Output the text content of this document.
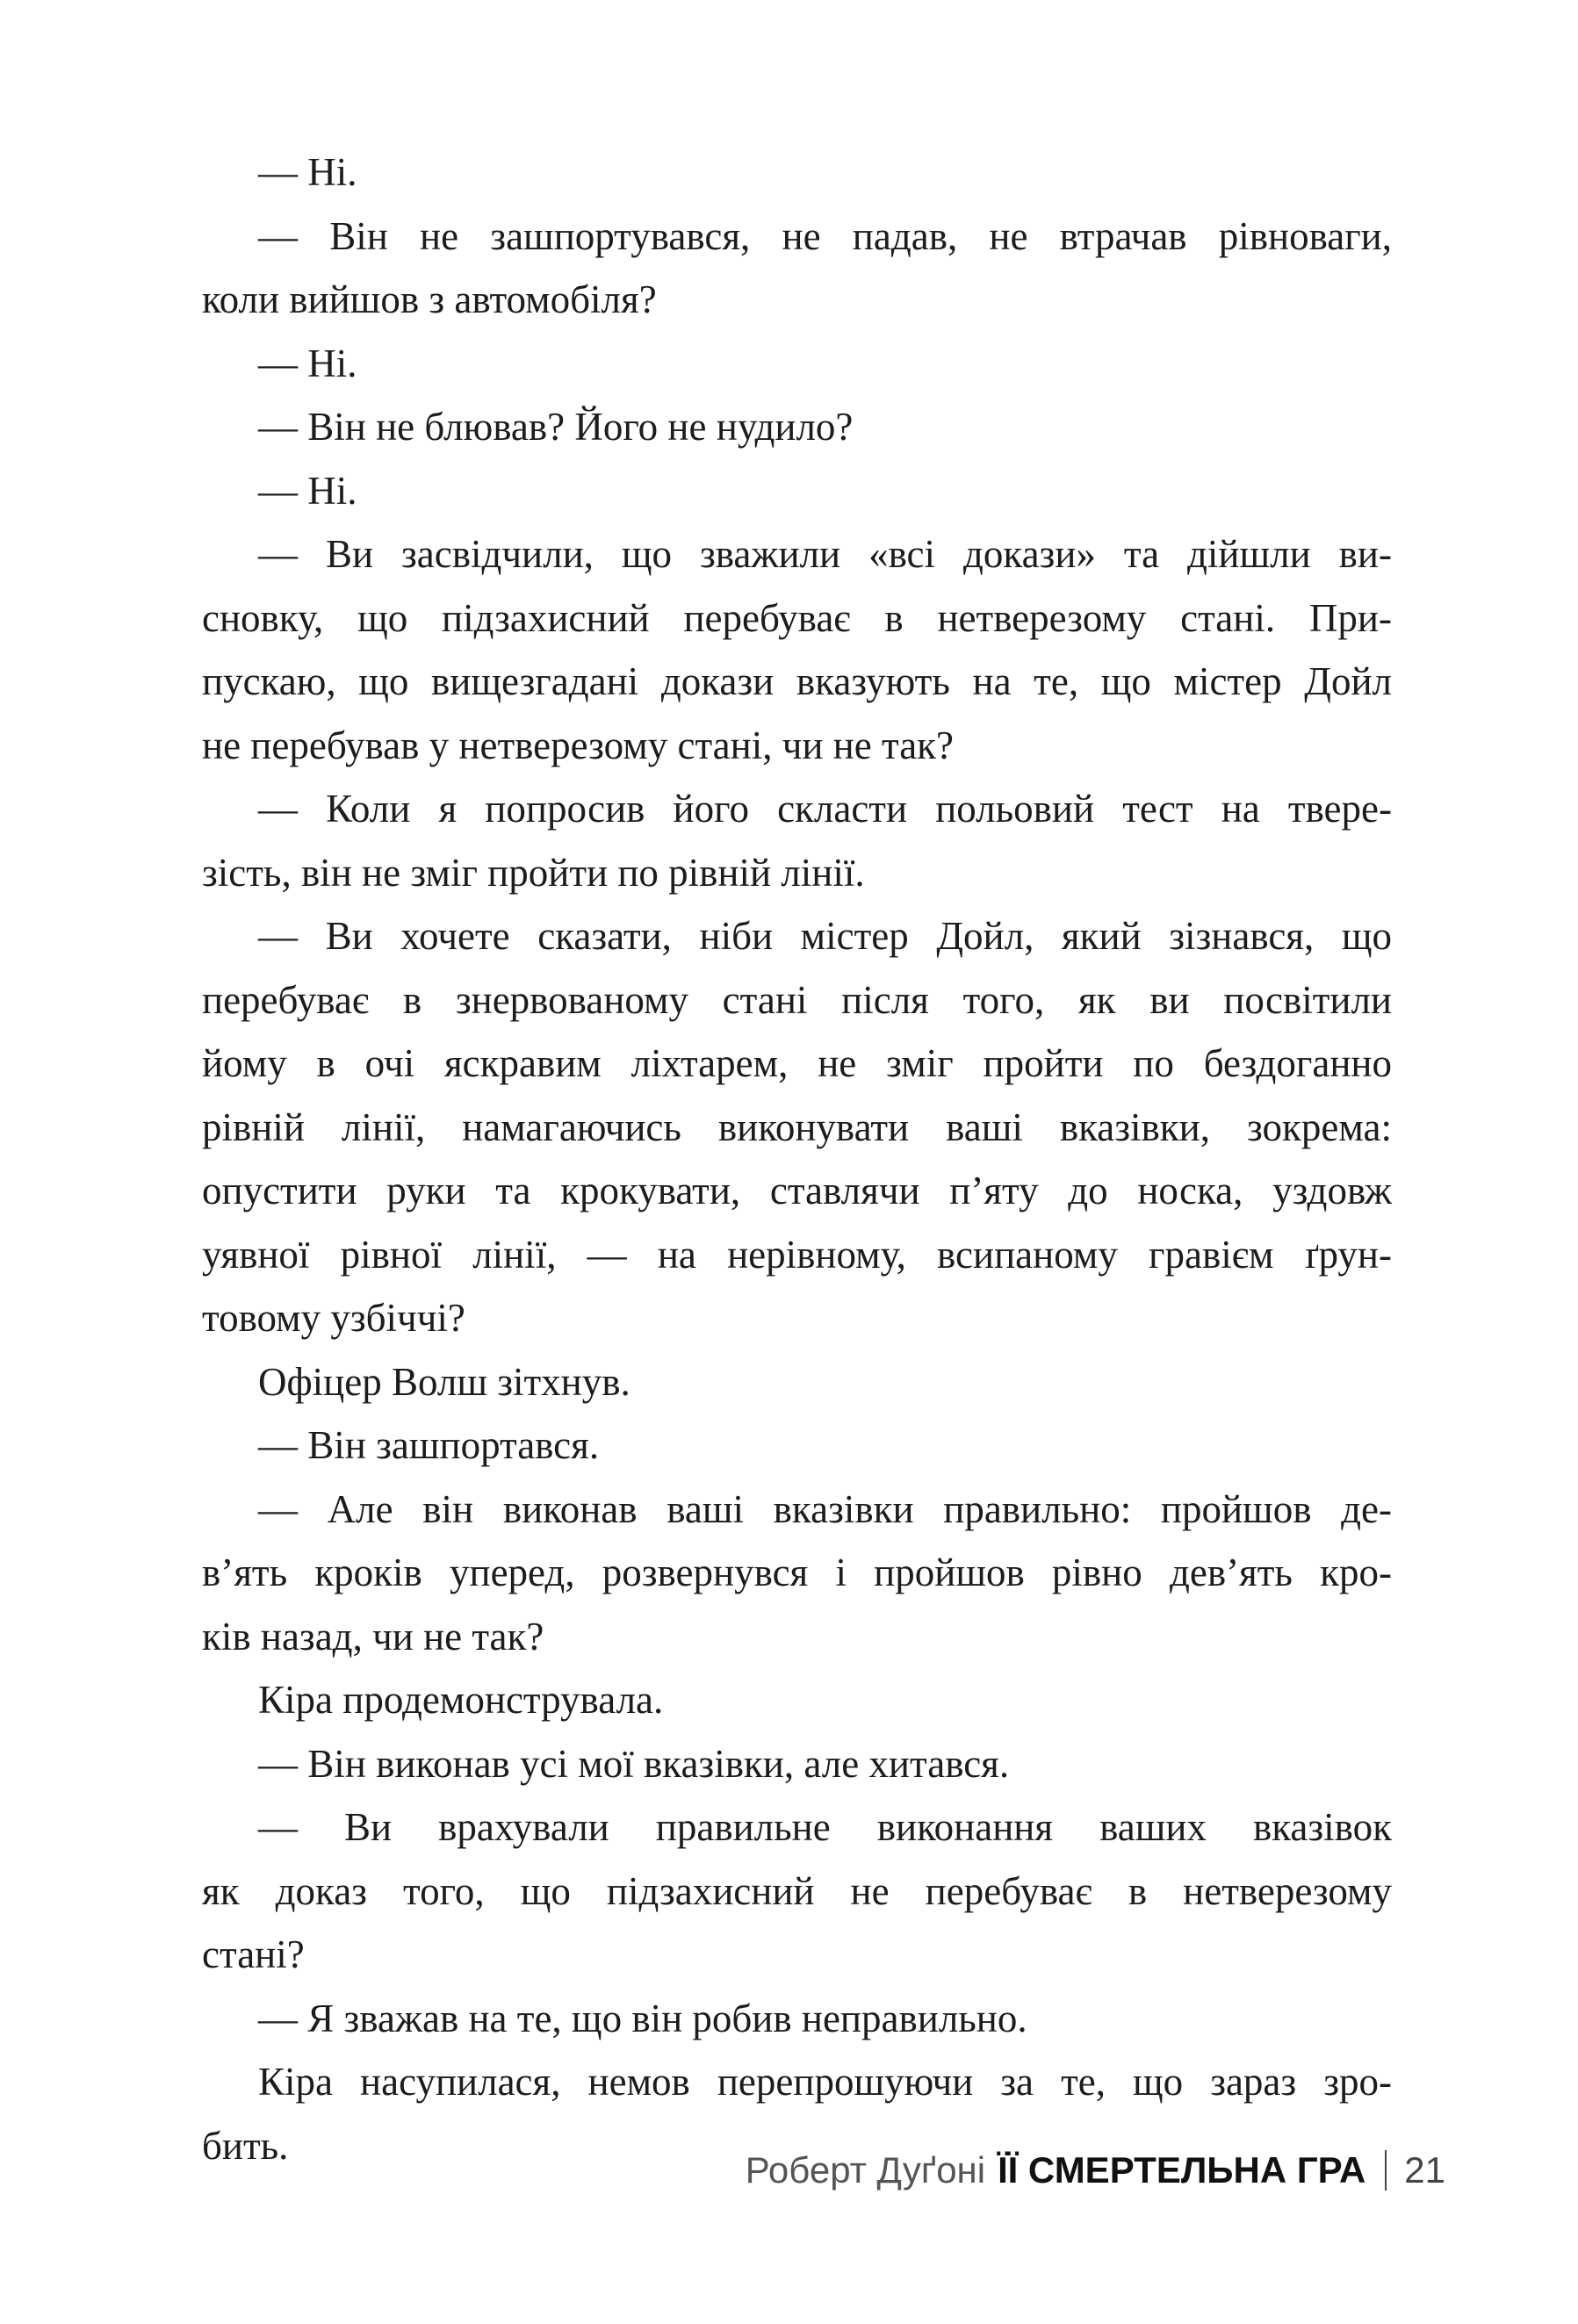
— Ні.
— Він не зашпортувався, не падав, не втрачав рівноваги,
коли вийшов з автомобіля?
— Ні.
— Він не блював? Його не нудило?
— Ні.
— Ви засвідчили, що зважили «всі докази» та дійшли ви-
сновку, що підзахисний перебуває в нетверезому стані. При-
пускаю, що вищезгадані докази вказують на те, що містер Дойл
не перебував у нетверезому стані, чи не так?
— Коли я попросив його скласти польовий тест на твере-
зість, він не зміг пройти по рівній лінії.
— Ви хочете сказати, ніби містер Дойл, який зізнався, що
перебуває в знервованому стані після того, як ви посвітили
йому в очі яскравим ліхтарем, не зміг пройти по бездоганно
рівній лінії, намагаючись виконувати ваші вказівки, зокрема:
опустити руки та крокувати, ставлячи п’яту до носка, уздовж
уявної рівної лінії, — на нерівному, всипаному гравієм ґрун-
товому узбіччі?
Офіцер Волш зітхнув.
— Він зашпортався.
— Але він виконав ваші вказівки правильно: пройшов де-
в’ять кроків уперед, розвернувся і пройшов рівно дев’ять кро-
ків назад, чи не так?
Кіра продемонструвала.
— Він виконав усі мої вказівки, але хитався.
— Ви врахували правильне виконання ваших вказівок
як доказ того, що підзахисний не перебуває в нетверезому
стані?
— Я зважав на те, що він робив неправильно.
Кіра насупилася, немов перепрошуючи за те, що зараз зро-
бить.
Роберт Дуґоні ЇЇ СМЕРТЕЛЬНА ГРА 21
